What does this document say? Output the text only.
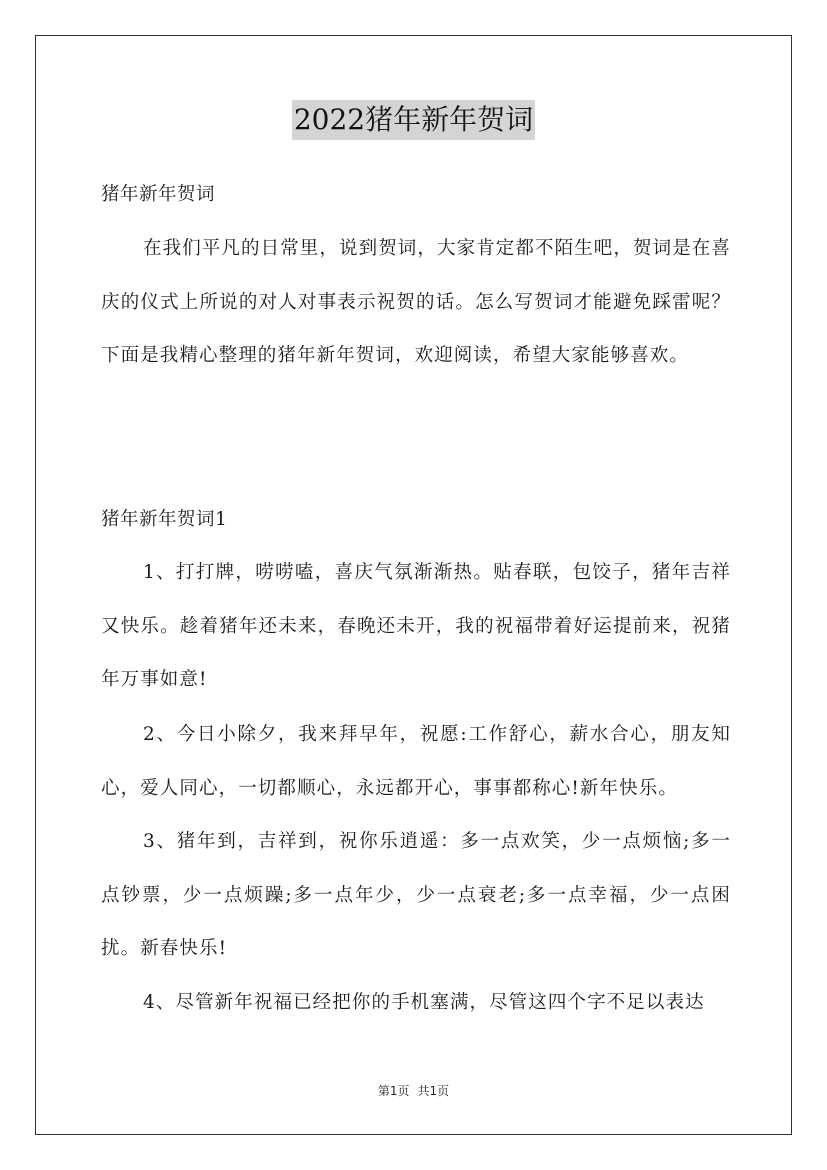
2022猪年新年贺词
猪年新年贺词
在我们平凡的日常里，说到贺词，大家肯定都不陌生吧，贺词是在喜庆的仪式上所说的对人对事表示祝贺的话。怎么写贺词才能避免踩雷呢？下面是我精心整理的猪年新年贺词，欢迎阅读，希望大家能够喜欢。
猪年新年贺词1
1、打打牌，唠唠嗑，喜庆气氛渐渐热。贴春联，包饺子，猪年吉祥又快乐。趁着猪年还未来，春晚还未开，我的祝福带着好运提前来，祝猪年万事如意!
2、今日小除夕，我来拜早年，祝愿:工作舒心，薪水合心，朋友知心，爱人同心，一切都顺心，永远都开心，事事都称心!新年快乐。
3、猪年到，吉祥到，祝你乐逍遥：多一点欢笑，少一点烦恼;多一点钞票，少一点烦躁;多一点年少，少一点衰老;多一点幸福，少一点困扰。新春快乐!
4、尽管新年祝福已经把你的手机塞满，尽管这四个字不足以表达
第1页 共1页
